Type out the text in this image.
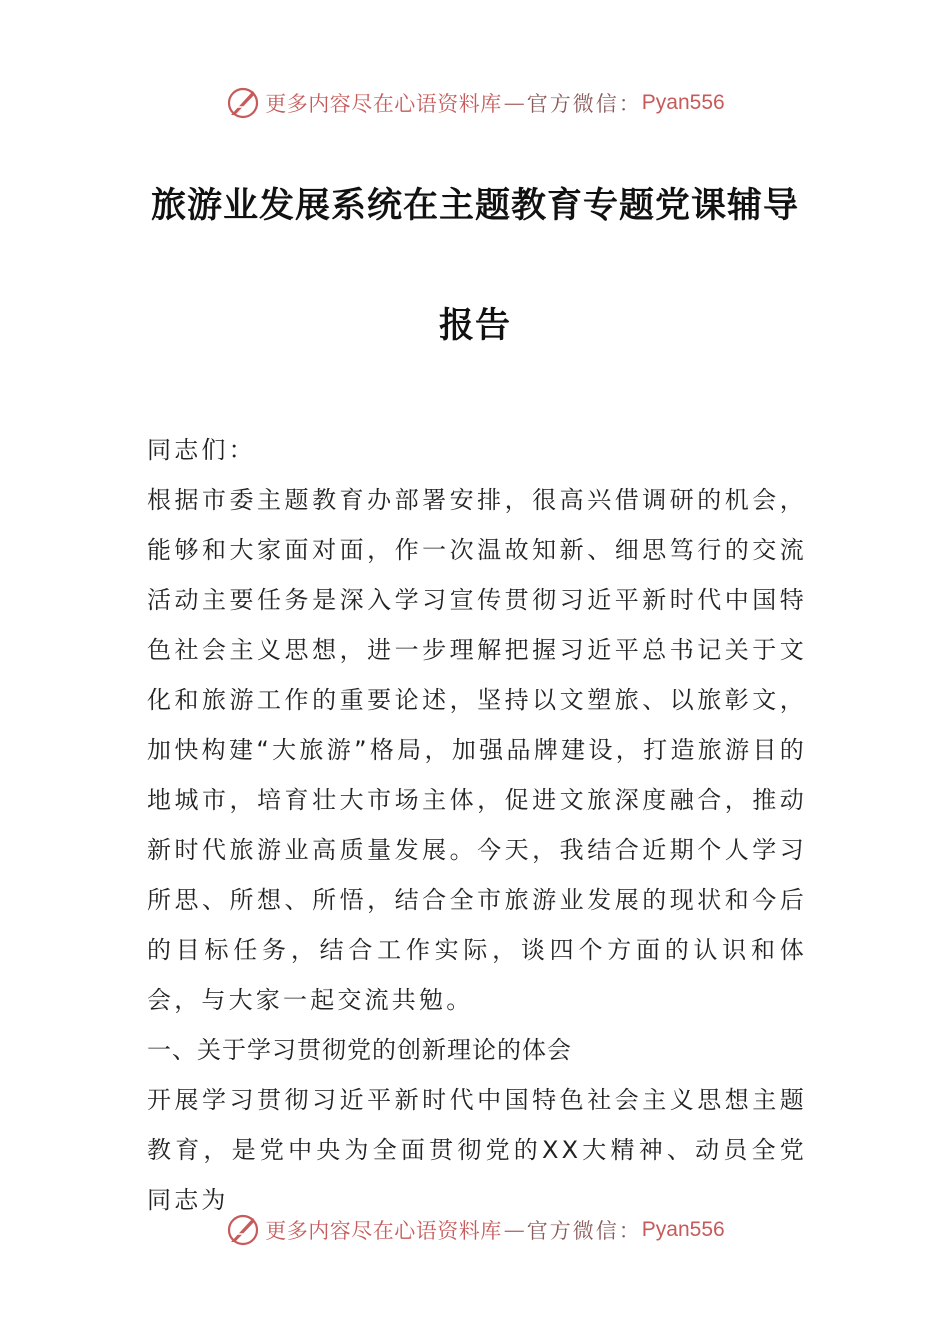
更多内容尽在心语资料库 — 官方微信： Pyan556
旅游业发展系统在主题教育专题党课辅导
报告

同志们：

根据市委主题教育办部署安排，很高兴借调研的机会，能够和大家面对面，作一次温故知新、细思笃行的交流活动主要任务是深入学习宣传贯彻习近平新时代中国特色社会主义思想，进一步理解把握习近平总书记关于文化和旅游工作的重要论述，坚持以文塑旅、以旅彰文，加快构建“大旅游”格局，加强品牌建设，打造旅游目的地城市，培育壮大市场主体，促进文旅深度融合，推动新时代旅游业高质量发展。今天，我结合近期个人学习所思、所想、所悟，结合全市旅游业发展的现状和今后的目标任务，结合工作实际，谈四个方面的认识和体会，与大家一起交流共勉。

一、关于学习贯彻党的创新理论的体会

开展学习贯彻习近平新时代中国特色社会主义思想主题教育，是党中央为全面贯彻党的XX大精神、动员全党同志为

更多内容尽在心语资料库 — 官方微信： Pyan556
